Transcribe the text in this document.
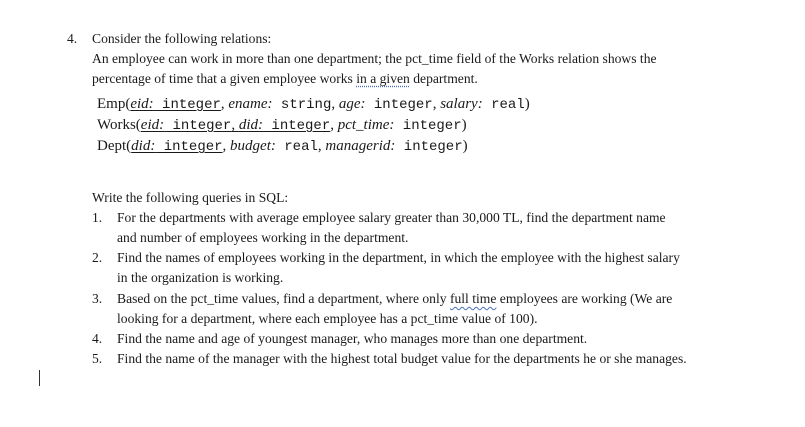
4. Consider the following relations:
An employee can work in more than one department; the pct_time field of the Works relation shows the
percentage of time that a given employee works in a given department.
Emp(eid: integer, ename: string, age: integer, salary: real)
Works(eid: integer, did: integer, pct_time: integer)
Dept(did: integer, budget: real, managerid: integer)
Write the following queries in SQL:
1. For the departments with average employee salary greater than 30,000 TL, find the department name
and number of employees working in the department.
2. Find the names of employees working in the department, in which the employee with the highest salary
in the organization is working.
3. Based on the pct_time values, find a department, where only full time employees are working (We are
looking for a department, where each employee has a pct_time value of 100).
4. Find the name and age of youngest manager, who manages more than one department.
5. Find the name of the manager with the highest total budget value for the departments he or she manages.
